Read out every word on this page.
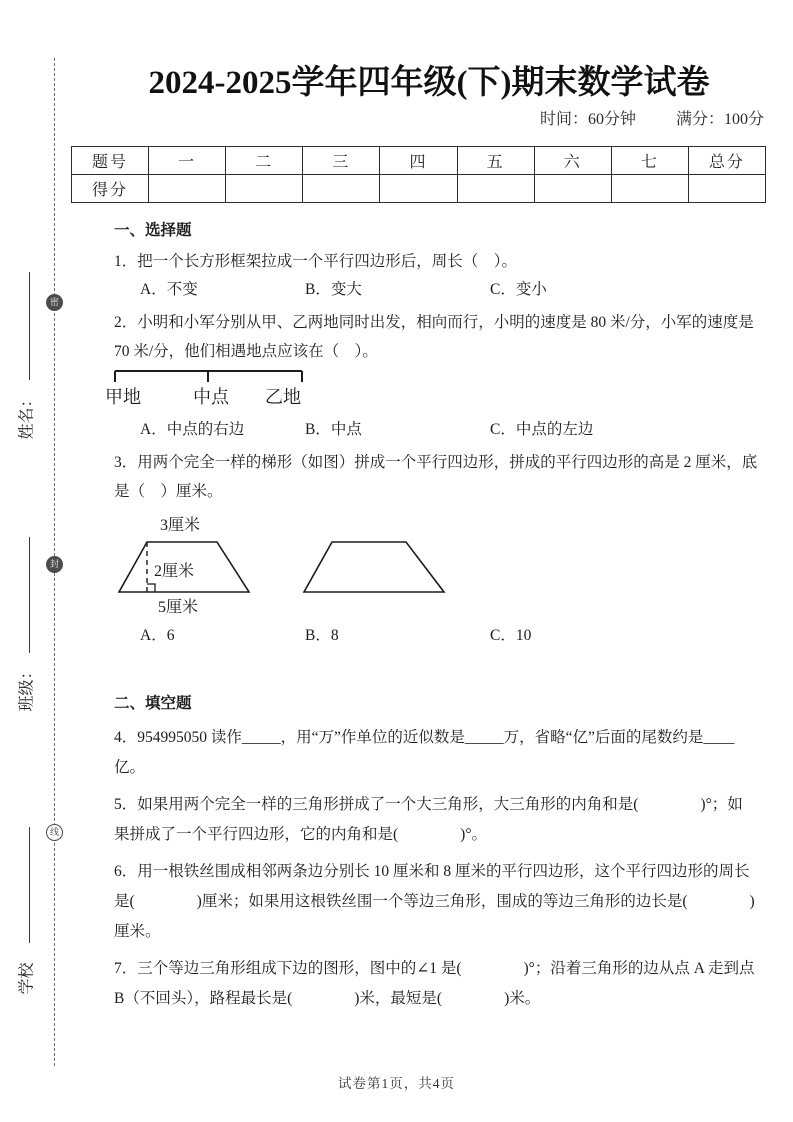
密
封
线
姓名：
班级：
学校
2024-2025学年四年级(下)期末数学试卷
时间：60分钟	满分：100分
题号	一	二	三	四	五	六	七	总分
得分								
一、选择题

1．把一个长方形框架拉成一个平行四边形后，周长（　）。

A．不变	B．变大	C．变小

2．小明和小军分别从甲、乙两地同时出发，相向而行，小明的速度是 80 米/分，小军的速度是 70 米/分，他们相遇地点应该在（　）。

甲地	中点 乙地
A．中点的右边	B．中点	C．中点的左边

3．用两个完全一样的梯形（如图）拼成一个平行四边形，拼成的平行四边形的高是 2 厘米，底是（　）厘米。

3厘米
2厘米
5厘米
A．6	B．8	C．10
二、填空题

4．954995050 读作_____，用“万”作单位的近似数是_____万，省略“亿”后面的尾数约是____亿。

5．如果用两个完全一样的三角形拼成了一个大三角形，大三角形的内角和是(　　　　)°；如果拼成了一个平行四边形，它的内角和是(　　　　)°。

6．用一根铁丝围成相邻两条边分别长 10 厘米和 8 厘米的平行四边形，这个平行四边形的周长是(　　　　)厘米；如果用这根铁丝围一个等边三角形，围成的等边三角形的边长是(　　　　)厘米。

7．三个等边三角形组成下边的图形，图中的∠1 是(　　　　)°；沿着三角形的边从点 A 走到点 B（不回头），路程最长是(　　　　)米，最短是(　　　　)米。

试卷第1页，共4页
